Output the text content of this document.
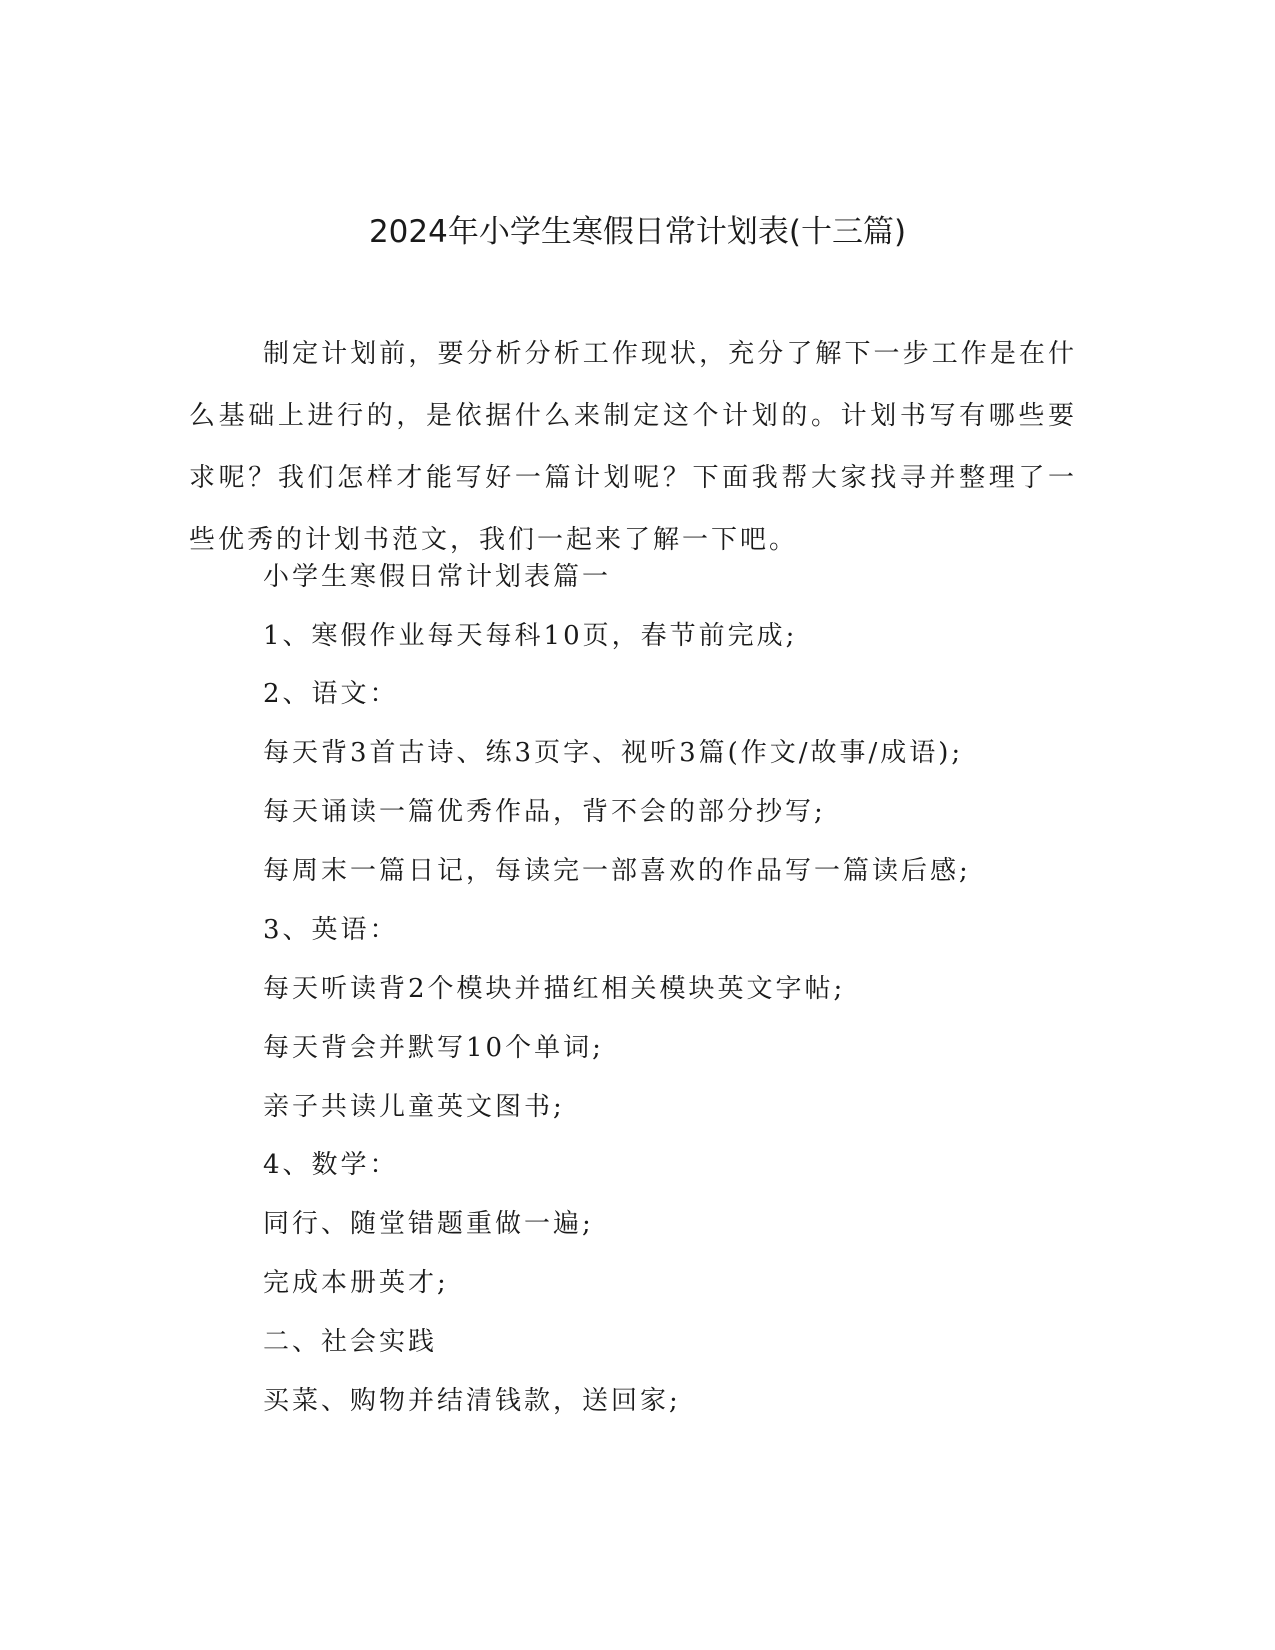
2024年小学生寒假日常计划表(十三篇)
制定计划前，要分析分析工作现状，充分了解下一步工作是在什么基础上进行的，是依据什么来制定这个计划的。计划书写有哪些要求呢？我们怎样才能写好一篇计划呢？下面我帮大家找寻并整理了一些优秀的计划书范文，我们一起来了解一下吧。
小学生寒假日常计划表篇一
1、寒假作业每天每科10页，春节前完成;
2、语文：
每天背3首古诗、练3页字、视听3篇(作文/故事/成语);
每天诵读一篇优秀作品，背不会的部分抄写;
每周末一篇日记，每读完一部喜欢的作品写一篇读后感;
3、英语：
每天听读背2个模块并描红相关模块英文字帖;
每天背会并默写10个单词;
亲子共读儿童英文图书;
4、数学：
同行、随堂错题重做一遍;
完成本册英才;
二、社会实践
买菜、购物并结清钱款，送回家;
